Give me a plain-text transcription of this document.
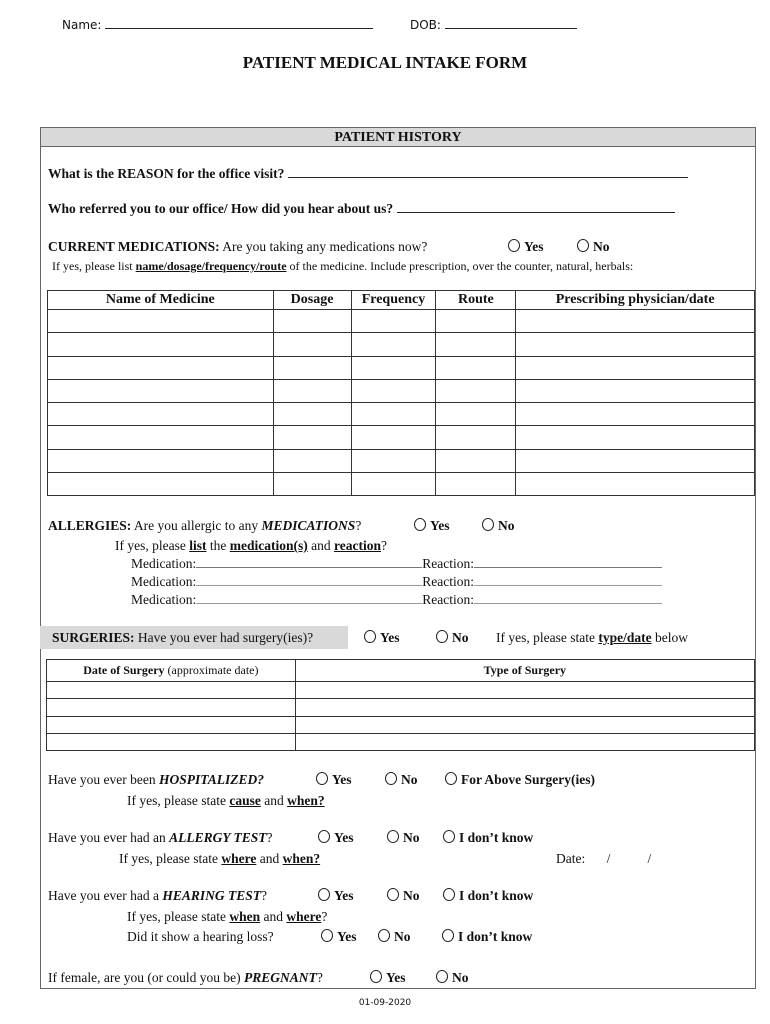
Name:	DOB:
PATIENT MEDICAL INTAKE FORM
PATIENT HISTORY
What is the REASON for the office visit?
Who referred you to our office/ How did you hear about us?
CURRENT MEDICATIONS: Are you taking any medications now?	Yes	No
If yes, please list name/dosage/frequency/route of the medicine. Include prescription, over the counter, natural, herbals:
Name of Medicine	Dosage	Frequency	Route	Prescribing physician/date

ALLERGIES: Are you allergic to any MEDICATIONS?	Yes	No
If yes, please list the medication(s) and reaction?
Medication:	Reaction:
Medication:	Reaction:
Medication:	Reaction:
SURGERIES: Have you ever had surgery(ies)?	Yes	No If yes, please state type/date below
Date of Surgery (approximate date)	Type of Surgery

Have you ever been HOSPITALIZED?	Yes	No	For Above Surgery(ies)
If yes, please state cause and when?
Have you ever had an ALLERGY TEST?	Yes	No	I don’t know
If yes, please state where and when?	Date: /           /
Have you ever had a HEARING TEST?	Yes	No	I don’t know
If yes, please state when and where?
Did it show a hearing loss?	Yes	No	I don’t know
If female, are you (or could you be) PREGNANT?	Yes	No
01-09-2020
